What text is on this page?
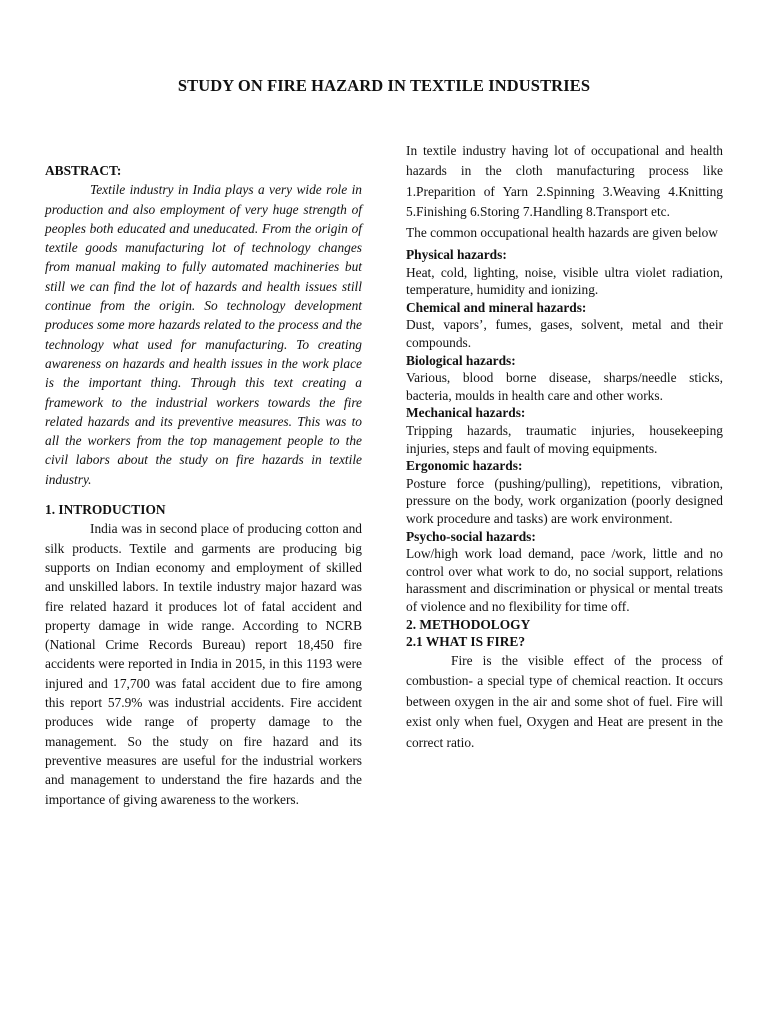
STUDY ON FIRE HAZARD IN TEXTILE INDUSTRIES

ABSTRACT:

Textile industry in India plays a very wide role in production and also employment of very huge strength of peoples both educated and uneducated. From the origin of textile goods manufacturing lot of technology changes from manual making to fully automated machineries but still we can find the lot of hazards and health issues still continue from the origin. So technology development produces some more hazards related to the process and the technology what used for manufacturing. To creating awareness on hazards and health issues in the work place is the important thing. Through this text creating a framework to the industrial workers towards the fire related hazards and its preventive measures. This was to all the workers from the top management people to the civil labors about the study on fire hazards in textile industry.

1. INTRODUCTION

India was in second place of producing cotton and silk products. Textile and garments are producing big supports on Indian economy and employment of skilled and unskilled labors. In textile industry major hazard was fire related hazard it produces lot of fatal accident and property damage in wide range. According to NCRB (National Crime Records Bureau) report 18,450 fire accidents were reported in India in 2015, in this 1193 were injured and 17,700 was fatal accident due to fire among this report 57.9% was industrial accidents. Fire accident produces wide range of property damage to the management. So the study on fire hazard and its preventive measures are useful for the industrial workers and management to understand the fire hazards and the importance of giving awareness to the workers.

In textile industry having lot of occupational and health hazards in the cloth manufacturing process like 1.Preparition of Yarn 2.Spinning 3.Weaving 4.Knitting 5.Finishing 6.Storing 7.Handling 8.Transport etc.

The common occupational health hazards are given below

Physical hazards:

Heat, cold, lighting, noise, visible ultra violet radiation, temperature, humidity and ionizing.

Chemical and mineral hazards:

Dust, vapors’, fumes, gases, solvent, metal and their compounds.

Biological hazards:

Various, blood borne disease, sharps/needle sticks, bacteria, moulds in health care and other works.

Mechanical hazards:

Tripping hazards, traumatic injuries, housekeeping injuries, steps and fault of moving equipments.

Ergonomic hazards:

Posture force (pushing/pulling), repetitions, vibration, pressure on the body, work organization (poorly designed work procedure and tasks) are work environment.

Psycho-social hazards:

Low/high work load demand, pace /work, little and no control over what work to do, no social support, relations harassment and discrimination or physical or mental treats of violence and no flexibility for time off.

2. METHODOLOGY

2.1 WHAT IS FIRE?

Fire is the visible effect of the process of combustion- a special type of chemical reaction. It occurs between oxygen in the air and some shot of fuel. Fire will exist only when fuel, Oxygen and Heat are present in the correct ratio.
